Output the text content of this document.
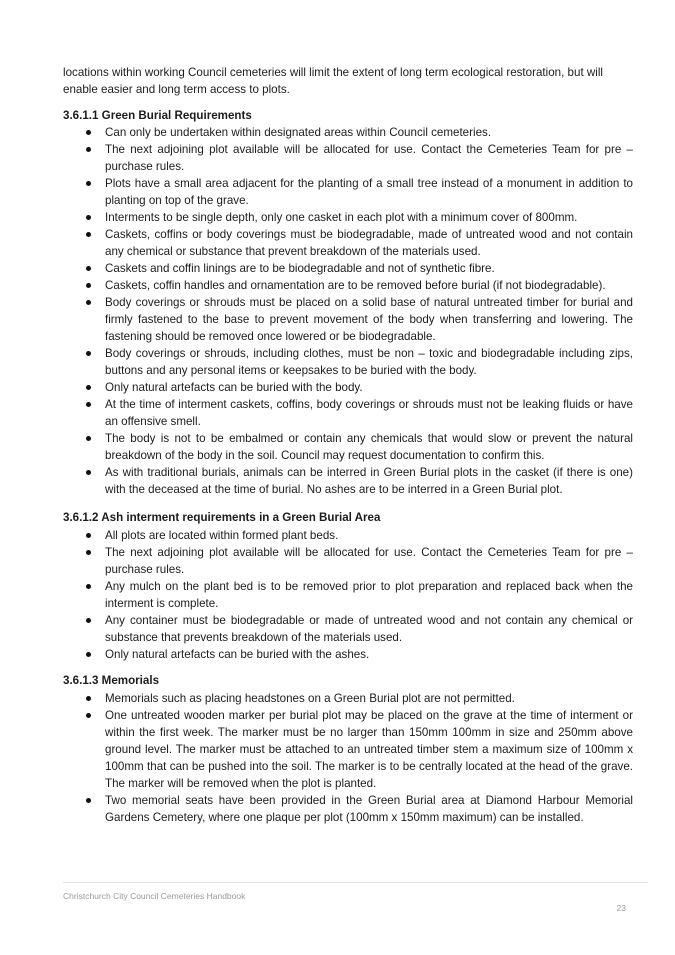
locations within working Council cemeteries will limit the extent of long term ecological restoration, but will enable easier and long term access to plots.

3.6.1.1 Green Burial Requirements

Can only be undertaken within designated areas within Council cemeteries.
The next adjoining plot available will be allocated for use. Contact the Cemeteries Team for pre – purchase rules.
Plots have a small area adjacent for the planting of a small tree instead of a monument in addition to planting on top of the grave.
Interments to be single depth, only one casket in each plot with a minimum cover of 800mm.
Caskets, coffins or body coverings must be biodegradable, made of untreated wood and not contain any chemical or substance that prevent breakdown of the materials used.
Caskets and coffin linings are to be biodegradable and not of synthetic fibre.
Caskets, coffin handles and ornamentation are to be removed before burial (if not biodegradable).
Body coverings or shrouds must be placed on a solid base of natural untreated timber for burial and firmly fastened to the base to prevent movement of the body when transferring and lowering. The fastening should be removed once lowered or be biodegradable.
Body coverings or shrouds, including clothes, must be non – toxic and biodegradable including zips, buttons and any personal items or keepsakes to be buried with the body.
Only natural artefacts can be buried with the body.
At the time of interment caskets, coffins, body coverings or shrouds must not be leaking fluids or have an offensive smell.
The body is not to be embalmed or contain any chemicals that would slow or prevent the natural breakdown of the body in the soil. Council may request documentation to confirm this.
As with traditional burials, animals can be interred in Green Burial plots in the casket (if there is one) with the deceased at the time of burial. No ashes are to be interred in a Green Burial plot.

3.6.1.2 Ash interment requirements in a Green Burial Area

All plots are located within formed plant beds.
The next adjoining plot available will be allocated for use. Contact the Cemeteries Team for pre – purchase rules.
Any mulch on the plant bed is to be removed prior to plot preparation and replaced back when the interment is complete.
Any container must be biodegradable or made of untreated wood and not contain any chemical or substance that prevents breakdown of the materials used.
Only natural artefacts can be buried with the ashes.

3.6.1.3 Memorials

Memorials such as placing headstones on a Green Burial plot are not permitted.
One untreated wooden marker per burial plot may be placed on the grave at the time of interment or within the first week. The marker must be no larger than 150mm 100mm in size and 250mm above ground level. The marker must be attached to an untreated timber stem a maximum size of 100mm x 100mm that can be pushed into the soil. The marker is to be centrally located at the head of the grave. The marker will be removed when the plot is planted.
Two memorial seats have been provided in the Green Burial area at Diamond Harbour Memorial Gardens Cemetery, where one plaque per plot (100mm x 150mm maximum) can be installed.

Christchurch City Council Cemeteries Handbook

23
